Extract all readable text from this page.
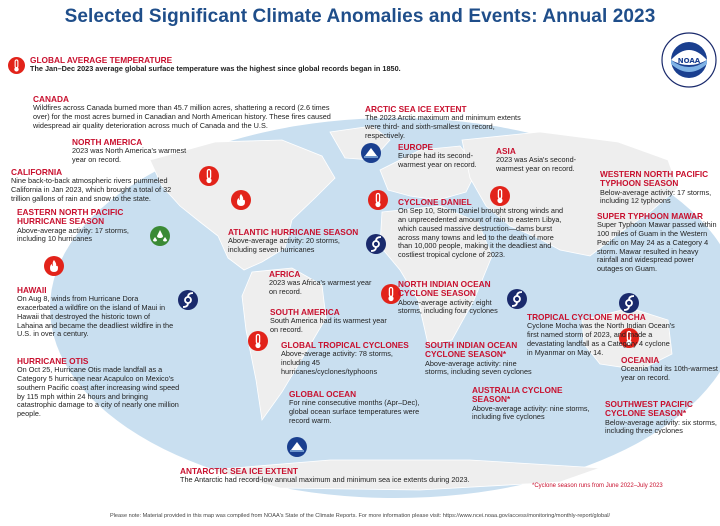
Selected Significant Climate Anomalies and Events: Annual 2023
NOAA
GLOBAL AVERAGE TEMPERATURE

The Jan–Dec 2023 average global surface temperature was the highest since global records began in 1850.

CANADA

Wildfires across Canada burned more than 45.7 million acres, shattering a record (2.6 times over) for the most acres burned in Canadian and North American history. These fires caused widespread air quality deterioration across much of Canada and the U.S.

ARCTIC SEA ICE EXTENT

The 2023 Arctic maximum and minimum extents were third- and sixth-smallest on record, respectively.

NORTH AMERICA

2023 was North America's warmest year on record.

EUROPE

Europe had its second-warmest year on record.

ASIA

2023 was Asia's second-warmest year on record.

CALIFORNIA

Nine back-to-back atmospheric rivers pummeled California in Jan 2023, which brought a total of 32 trillion gallons of rain and snow to the state.

WESTERN NORTH PACIFIC TYPHOON SEASON

Below-average activity: 17 storms, including 12 typhoons

CYCLONE DANIEL

On Sep 10, Storm Daniel brought strong winds and an unprecedented amount of rain to eastern Libya, which caused massive destruction—dams burst across many towns and led to the death of more than 10,000 people, making it the deadliest and costliest tropical cyclone of 2023.

EASTERN NORTH PACIFIC HURRICANE SEASON

Above-average activity: 17 storms, including 10 hurricanes

SUPER TYPHOON MAWAR

Super Typhoon Mawar passed within 100 miles of Guam in the Western Pacific on May 24 as a Category 4 storm. Mawar resulted in heavy rainfall and widespread power outages on Guam.

ATLANTIC HURRICANE SEASON

Above-average activity: 20 storms, including seven hurricanes

AFRICA

2023 was Africa's warmest year on record.

HAWAII

On Aug 8, winds from Hurricane Dora exacerbated a wildfire on the island of Maui in Hawaii that destroyed the historic town of Lahaina and became the deadliest wildfire in the U.S. in over a century.

NORTH INDIAN OCEAN CYCLONE SEASON

Above-average activity: eight storms, including four cyclones

SOUTH AMERICA

South America had its warmest year on record.

TROPICAL CYCLONE MOCHA

Cyclone Mocha was the North Indian Ocean's first named storm of 2023, and made a devastating landfall as a Category 4 cyclone in Myanmar on May 14.

GLOBAL TROPICAL CYCLONES

Above-average activity: 78 storms, including 45 hurricanes/cyclones/typhoons

SOUTH INDIAN OCEAN CYCLONE SEASON*

Above-average activity: nine storms, including seven cyclones

HURRICANE OTIS

On Oct 25, Hurricane Otis made landfall as a Category 5 hurricane near Acapulco on Mexico's southern Pacific coast after increasing wind speed by 115 mph within 24 hours and bringing catastrophic damage to a city of nearly one million people.

OCEANIA

Oceania had its 10th-warmest year on record.

AUSTRALIA CYCLONE SEASON*

Above-average activity: nine storms, including five cyclones

GLOBAL OCEAN

For nine consecutive months (Apr–Dec), global ocean surface temperatures were record warm.

SOUTHWEST PACIFIC CYCLONE SEASON*

Below-average activity: six storms, including three cyclones

ANTARCTIC SEA ICE EXTENT

The Antarctic had record-low annual maximum and minimum sea ice extents during 2023.

*Cyclone season runs from June 2022–July 2023
Please note: Material provided in this map was compiled from NOAA's State of the Climate Reports. For more information please visit: https://www.ncei.noaa.gov/access/monitoring/monthly-report/global/
